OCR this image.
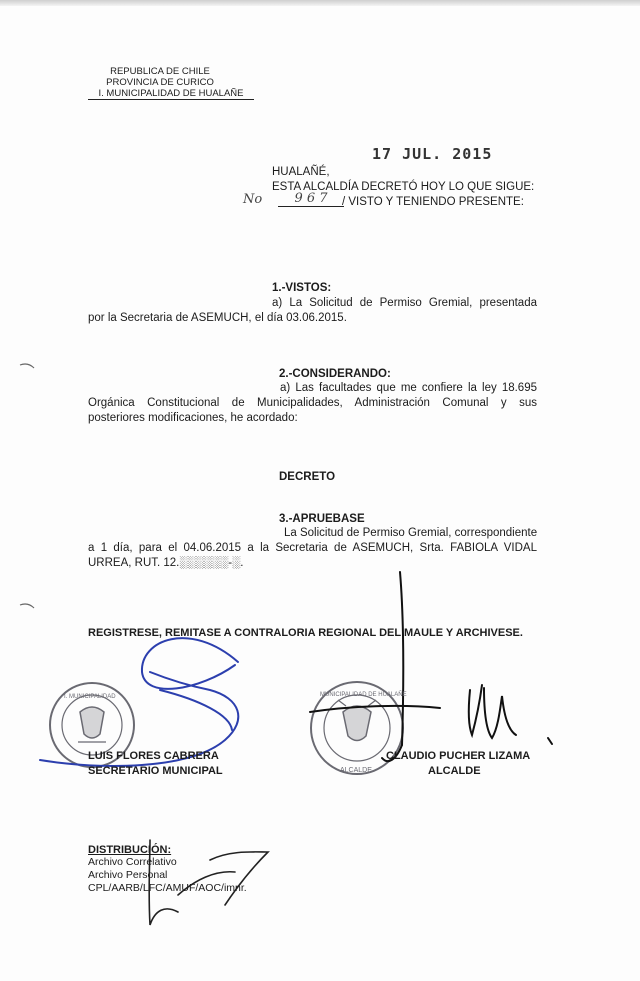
REPUBLICA DE CHILE
PROVINCIA DE CURICO
I. MUNICIPALIDAD DE HUALAÑE
17 JUL. 2015
HUALAÑÉ,
ESTA ALCALDÍA DECRETÓ HOY LO QUE SIGUE:
No	9 6 7	/ VISTO Y TENIENDO PRESENTE:
1.-VISTOS:
a) La Solicitud de Permiso Gremial, presentada
por la Secretaria de ASEMUCH, el día 03.06.2015.
2.-CONSIDERANDO:
a) Las facultades que me confiere la ley 18.695
Orgánica Constitucional de Municipalidades, Administración Comunal y sus
posteriores modificaciones, he acordado:
DECRETO
3.-APRUEBASE
La Solicitud de Permiso Gremial, correspondiente
a 1 día, para el 04.06.2015 a la Secretaria de ASEMUCH, Srta. FABIOLA VIDAL
URREA, RUT. 12.░░░░░░-░.
REGISTRESE, REMITASE A CONTRALORIA REGIONAL DEL MAULE Y ARCHIVESE.
I. MUNICIPALIDAD	MUNICIPALIDAD DE HUALAÑE
ALCALDE
LUIS FLORES CABRERA
SECRETARIO MUNICIPAL
CLAUDIO PUCHER LIZAMA
ALCALDE
DISTRIBUCIÓN:
Archivo Correlativo
Archivo Personal
CPL/AARB/LFC/AMUF/AOC/imnr.
